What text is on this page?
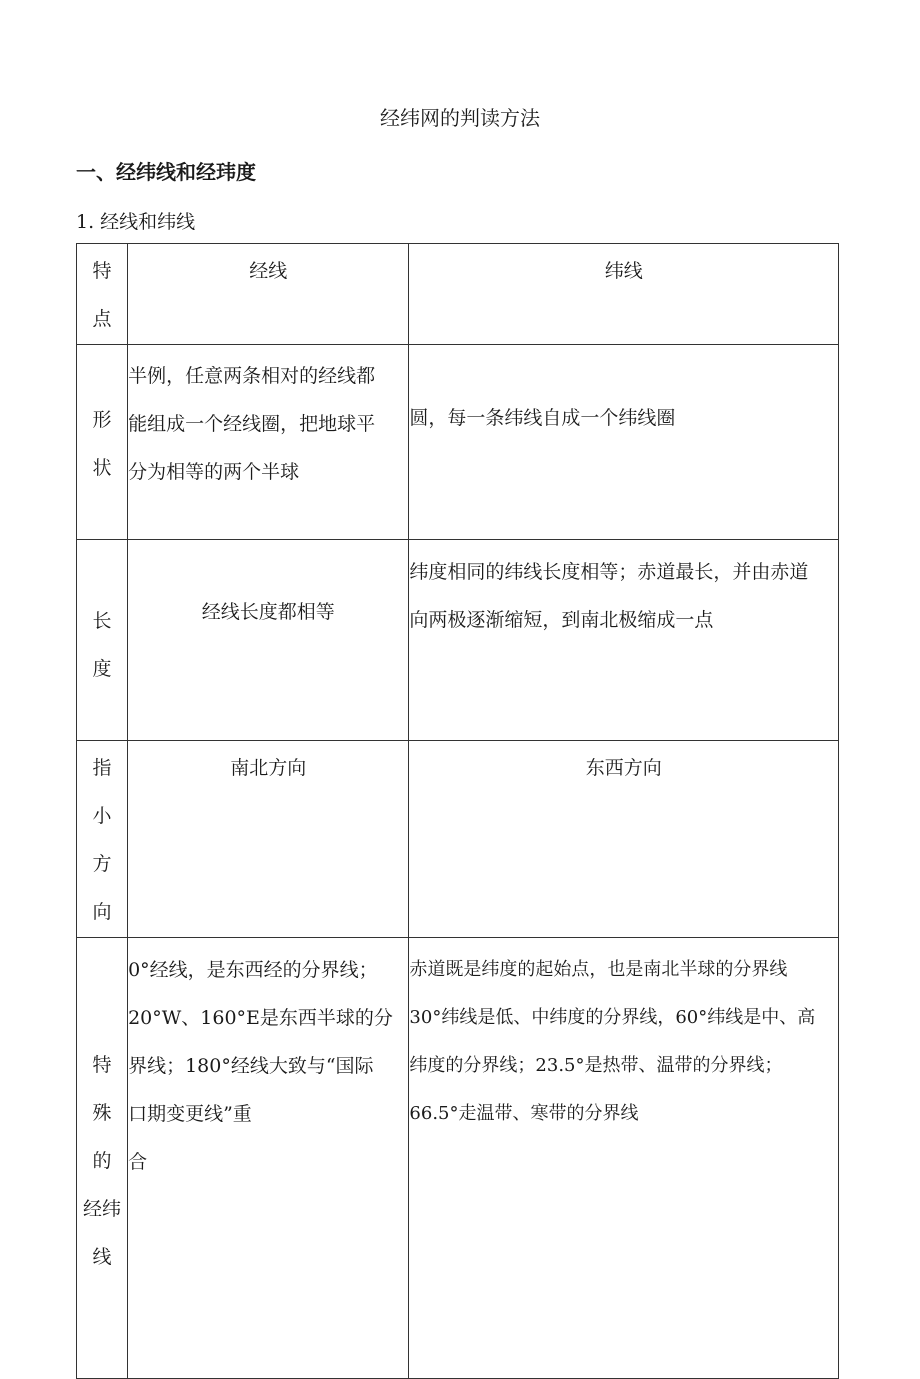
经纬网的判读方法
一、经纬线和经玮度
1. 经线和纬线
特
点	经线	纬线

形
状	半例，任意两条相对的经线都
能组成一个经线圈，把地球平
分为相等的两个半球	圆，每一条纬线自成一个纬线圈

长
度	经线长度都相等	纬度相同的纬线长度相等；赤道最长，并由赤道
向两极逐渐缩短，到南北极缩成一点

指
小
方
向	南北方向	东西方向

特
殊
的
经纬
线	0°经线，是东西经的分界线；
20°W、160°E是东西半球的分
界线；180°经线大致与“国际
口期变更线”重
合	赤道既是纬度的起始点，也是南北半球的分界线
30°纬线是低、中纬度的分界线，60°纬线是中、高
纬度的分界线；23.5°是热带、温带的分界线；
66.5°走温带、寒带的分界线
